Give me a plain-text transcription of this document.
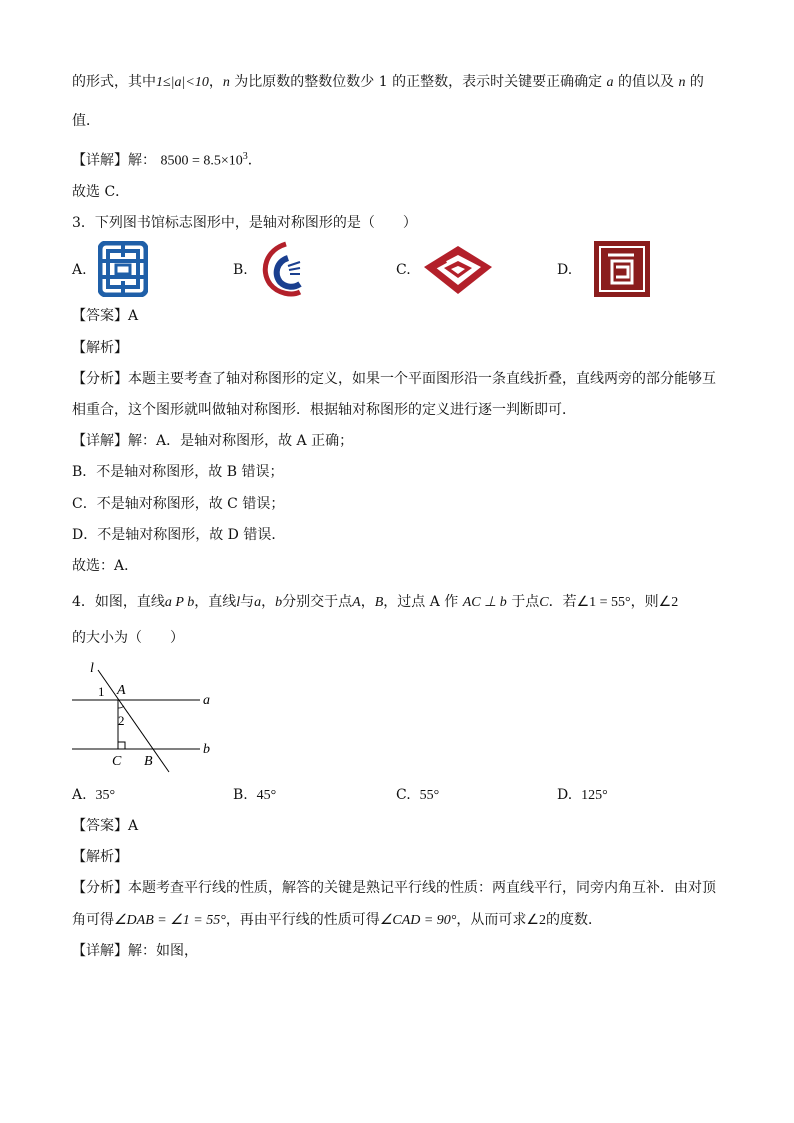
的形式，其中1≤|a|<10，n 为比原数的整数位数少 1 的正整数，表示时关键要正确确定 a 的值以及 n 的
值．
【详解】解： $8500 = 8.5\times 10^3$．
故选 C．
3．下列图书馆标志图形中，是轴对称图形的是（　　）
A.	B.	C.	D.
【答案】A
【解析】
【分析】本题主要考查了轴对称图形的定义，如果一个平面图形沿一条直线折叠，直线两旁的部分能够互
相重合，这个图形就叫做轴对称图形．根据轴对称图形的定义进行逐一判断即可．
【详解】解：A．是轴对称图形，故 A 正确；
B．不是轴对称图形，故 B 错误；
C．不是轴对称图形，故 C 错误；
D．不是轴对称图形，故 D 错误．
故选：A．
4．如图，直线a P b，直线l与a，b分别交于点A，B，过点 A 作 AC ⊥ b 于点C．若∠1 = 55°，则∠2
的大小为（　　）
l
1 A
a
2
b
C B
A. 35°	B. 45°	C. 55°	D. 125°
【答案】A
【解析】
【分析】本题考查平行线的性质，解答的关键是熟记平行线的性质：两直线平行，同旁内角互补．由对顶
角可得∠DAB = ∠1 = 55°，再由平行线的性质可得∠CAD = 90°，从而可求∠2的度数．
【详解】解：如图，
